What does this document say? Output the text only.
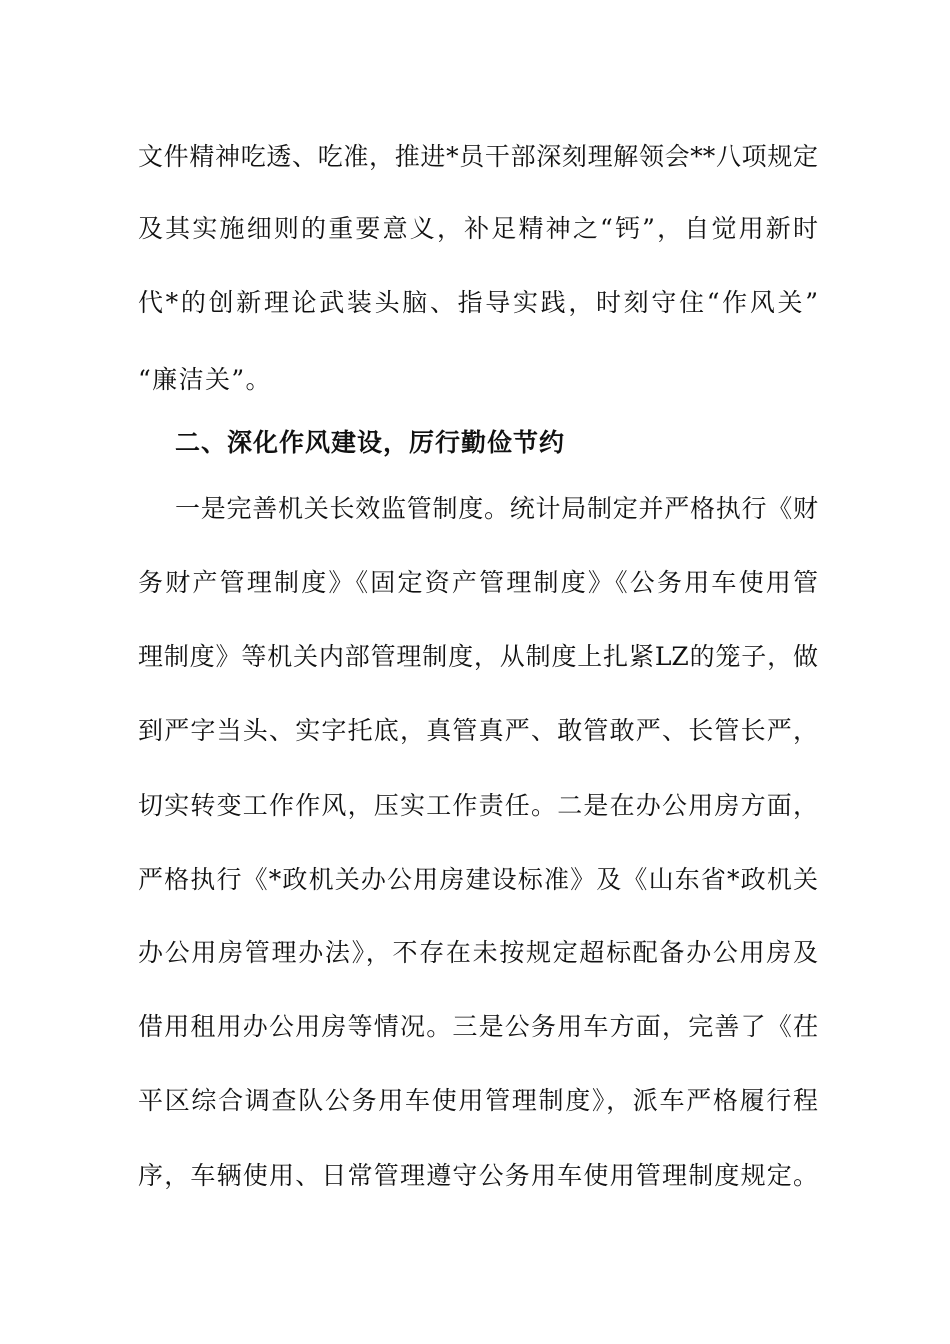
文件精神吃透、吃准，推进*员干部深刻理解领会**八项规定
及其实施细则的重要意义，补足精神之“钙”，自觉用新时
代*的创新理论武装头脑、指导实践，时刻守住“作风关”
“廉洁关”。
二、深化作风建设，厉行勤俭节约
一是完善机关长效监管制度。统计局制定并严格执行《财
务财产管理制度》《固定资产管理制度》《公务用车使用管
理制度》等机关内部管理制度，从制度上扎紧LZ的笼子，做
到严字当头、实字托底，真管真严、敢管敢严、长管长严，
切实转变工作作风，压实工作责任。二是在办公用房方面，
严格执行《*政机关办公用房建设标准》及《山东省*政机关
办公用房管理办法》，不存在未按规定超标配备办公用房及
借用租用办公用房等情况。三是公务用车方面，完善了《茌
平区综合调查队公务用车使用管理制度》，派车严格履行程
序，车辆使用、日常管理遵守公务用车使用管理制度规定。
